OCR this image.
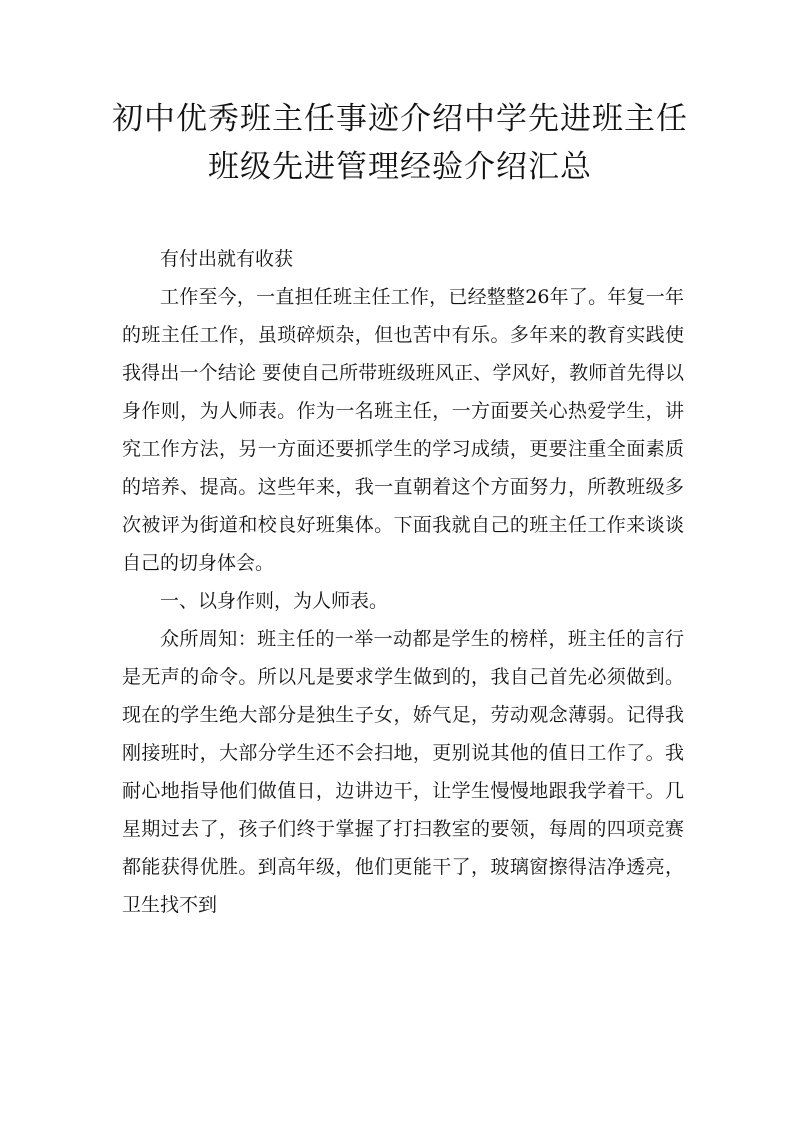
初中优秀班主任事迹介绍中学先进班主任班级先进管理经验介绍汇总

有付出就有收获

工作至今，一直担任班主任工作，已经整整26年了。年复一年的班主任工作，虽琐碎烦杂，但也苦中有乐。多年来的教育实践使我得出一个结论 要使自己所带班级班风正、学风好，教师首先得以身作则，为人师表。作为一名班主任，一方面要关心热爱学生，讲究工作方法，另一方面还要抓学生的学习成绩，更要注重全面素质的培养、提高。这些年来，我一直朝着这个方面努力，所教班级多次被评为街道和校良好班集体。下面我就自己的班主任工作来谈谈自己的切身体会。

一、以身作则，为人师表。

众所周知：班主任的一举一动都是学生的榜样，班主任的言行是无声的命令。所以凡是要求学生做到的，我自己首先必须做到。现在的学生绝大部分是独生子女，娇气足，劳动观念薄弱。记得我刚接班时，大部分学生还不会扫地，更别说其他的值日工作了。我耐心地指导他们做值日，边讲边干，让学生慢慢地跟我学着干。几星期过去了，孩子们终于掌握了打扫教室的要领，每周的四项竞赛都能获得优胜。到高年级，他们更能干了，玻璃窗擦得洁净透亮，卫生找不到
